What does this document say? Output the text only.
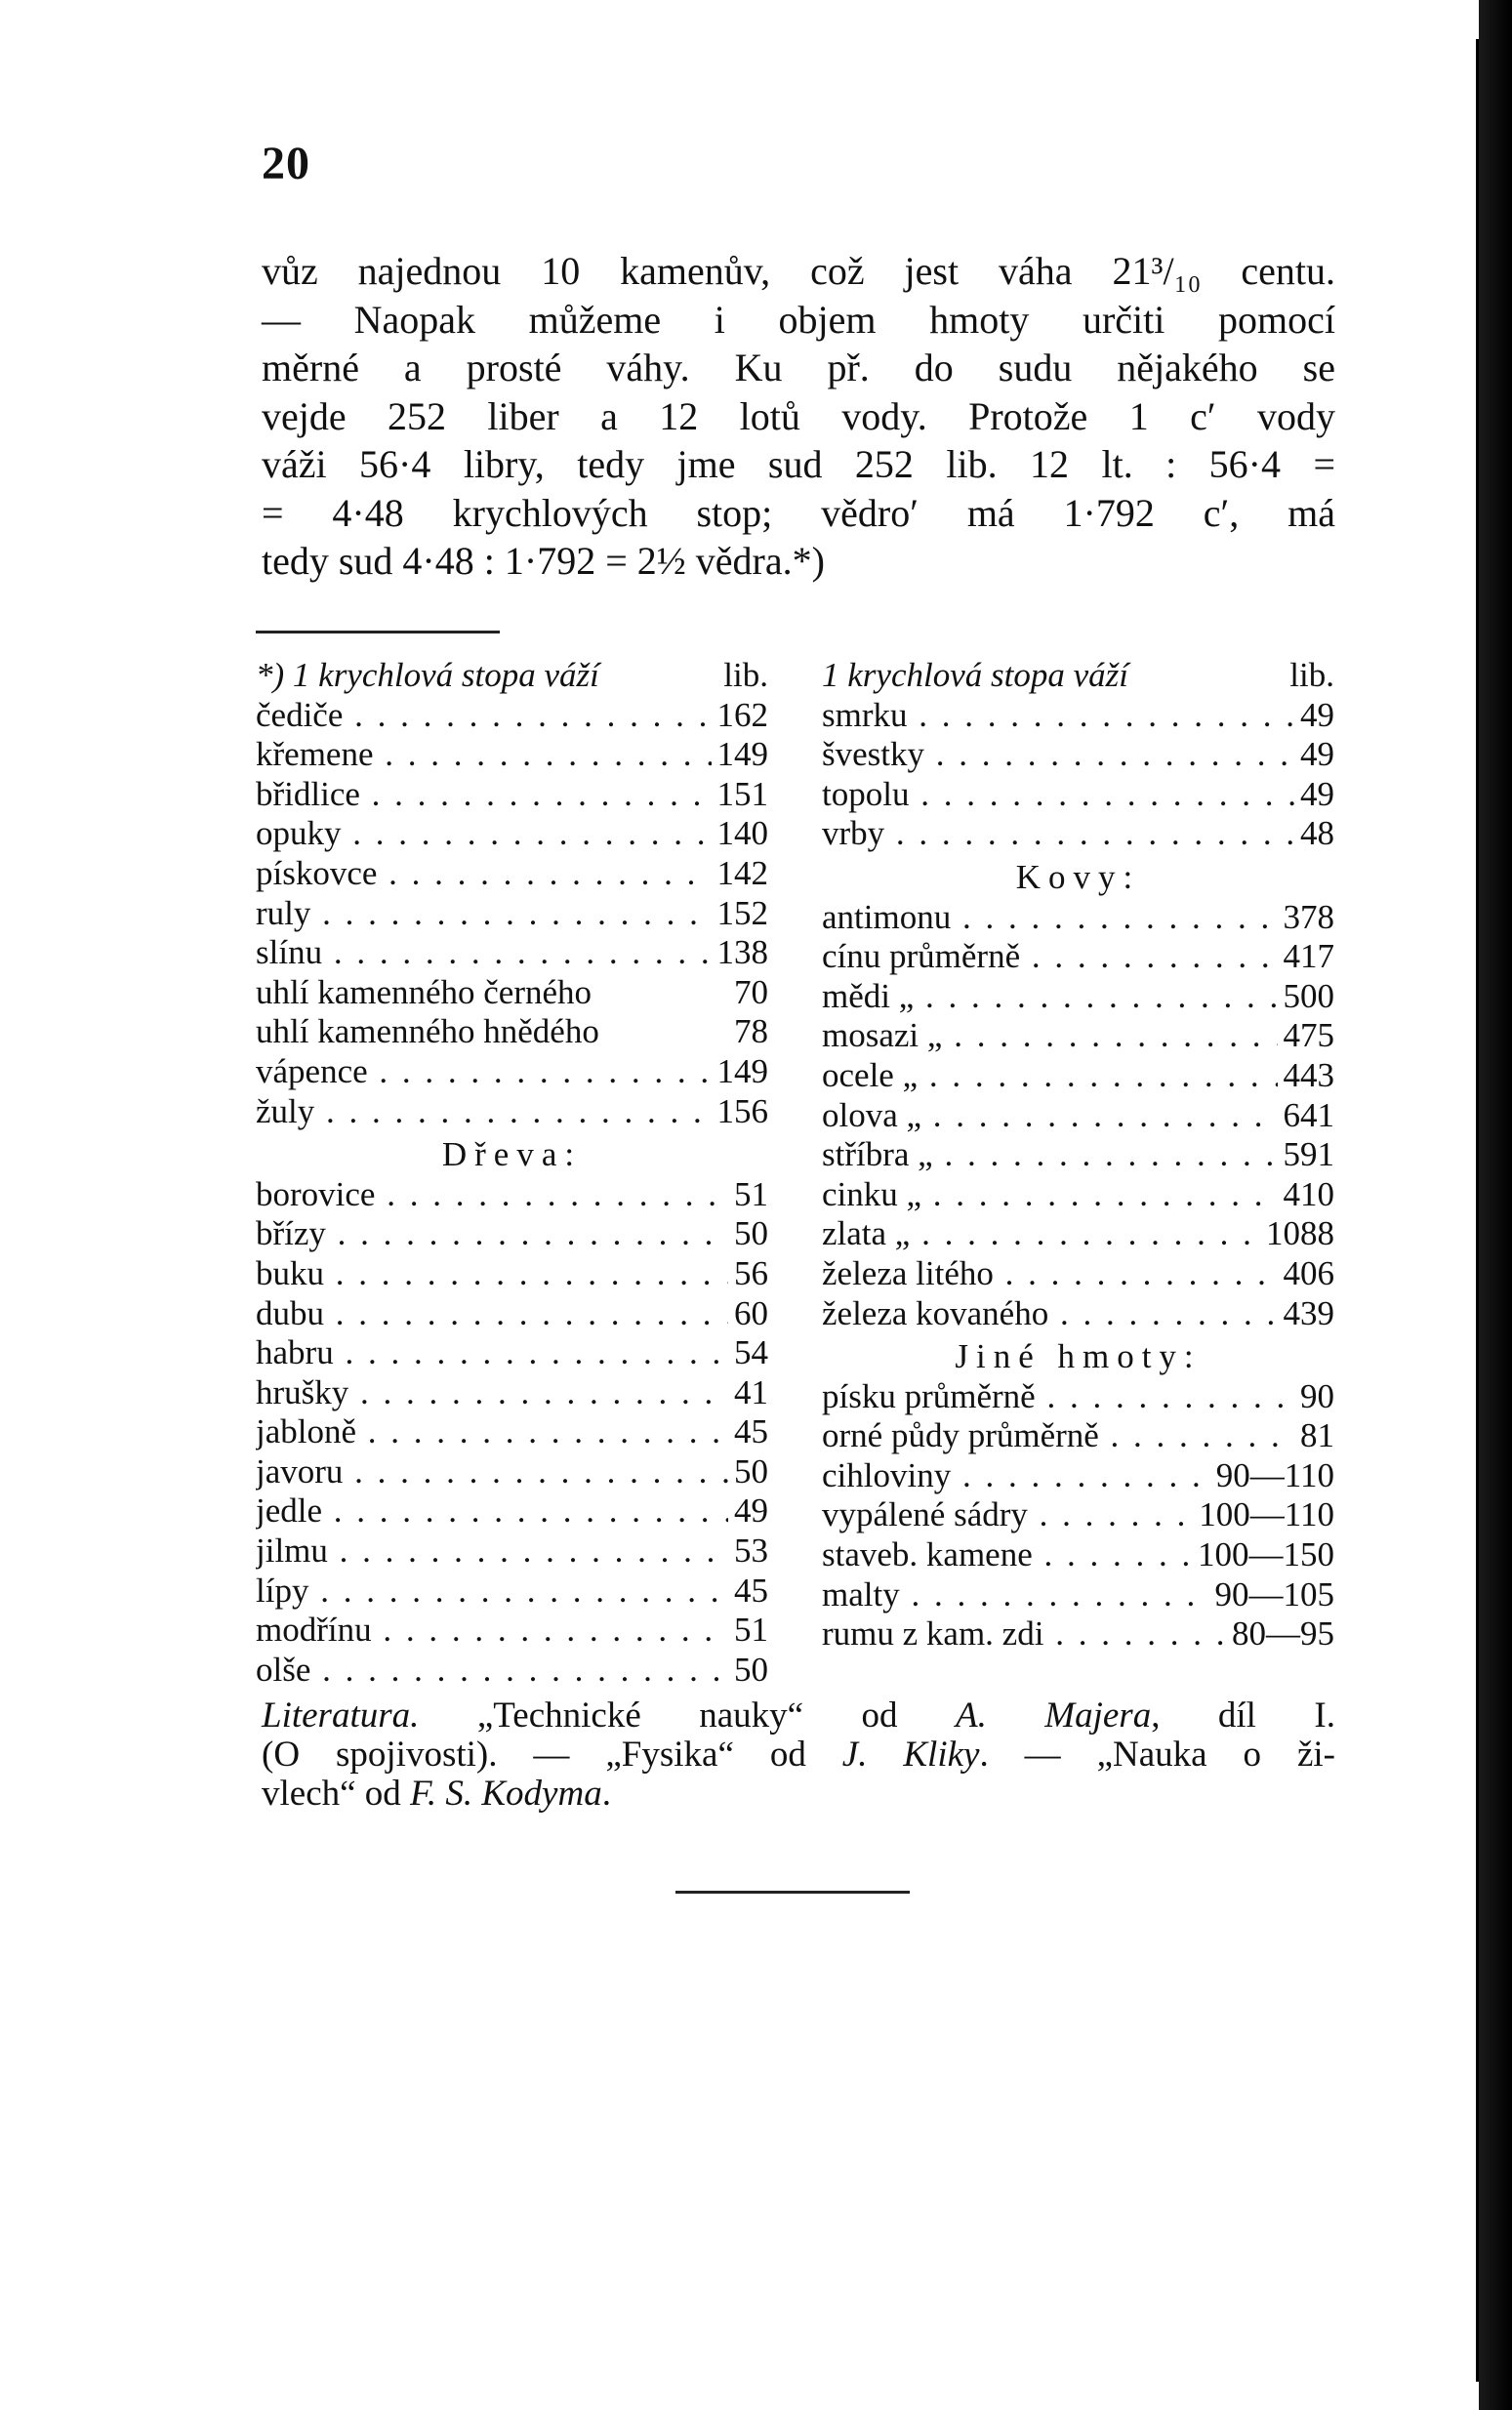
20
vůz najednou 10 kamenův, což jest váha 21³/₁₀ centu.
— Naopak můžeme i objem hmoty určiti pomocí
měrné a prosté váhy. Ku př. do sudu nějakého se
vejde 252 liber a 12 lotů vody. Protože 1 c′ vody
váži 56·4 libry, tedy jme sud 252 lib. 12 lt. : 56·4 =
= 4·48 krychlových stop; vědro′ má 1·792 c′, má
tedy sud 4·48 : 1·792 = 2½ vědra.*)
*) 1 krychlová stopa váží	lib.
čediče . . .	162
křemene . . .	149
břidlice . . .	151
opuky . . .	140
pískovce . . .	142
ruly . . .	152
slínu . . .	138
uhlí kamenného černého	70
uhlí kamenného hnědého	78
vápence . . .	149
žuly . . .	156
Dřeva:
borovice . . .	51
břízy . . .	50
buku . . .	56
dubu . . .	60
habru . . .	54
hrušky . . .	41
jabloně . . .	45
javoru . . .	50
jedle . . .	49
jilmu . . .	53
lípy . . .	45
modřínu . . .	51
olše . . .	50
1 krychlová stopa váží	lib.
smrku . . .	49
švestky . . .	49
topolu . . .	49
vrby . . .	48
Kovy:
antimonu . . .	378
cínu průměrně . . .	417
mědi „ . . .	500
mosazi „ . . .	475
ocele „ . . .	443
olova „ . . .	641
stříbra „ . . .	591
cinku „ . . .	410
zlata „ . . .	1088
železa litého . . .	406
železa kovaného . . .	439
Jiné hmoty:
písku průměrně . . .	90
orné půdy průměrně . . .	81
cihloviny . . .	90—110
vypálené sádry . . .	100—110
staveb. kamene . . .	100—150
malty . . .	90—105
rumu z kam. zdi . . .	80—95
Literatura. „Technické nauky“ od A. Majera, díl I.
(O spojivosti). — „Fysika“ od J. Kliky. — „Nauka o ži-
vlech“ od F. S. Kodyma.
